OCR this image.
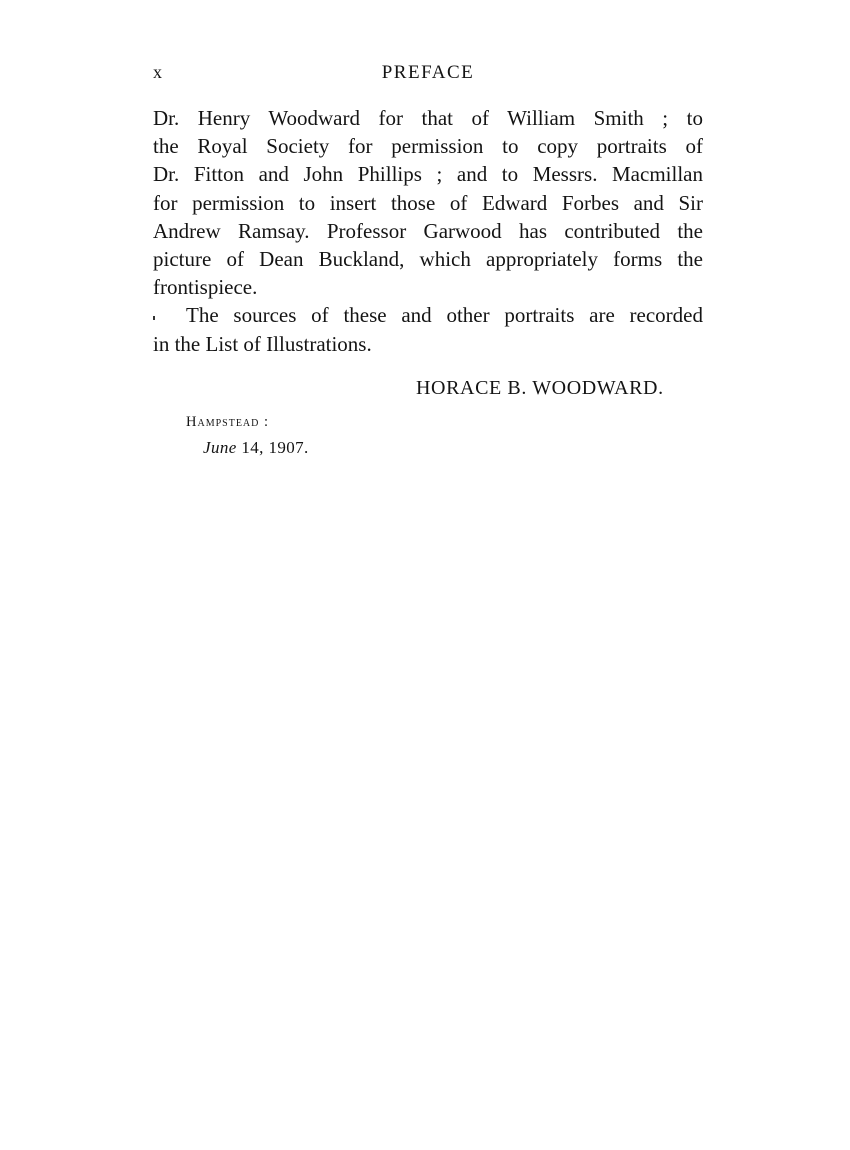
x	PREFACE
Dr. Henry Woodward for that of William Smith ; to
the Royal Society for permission to copy portraits of
Dr. Fitton and John Phillips ; and to Messrs. Macmillan
for permission to insert those of Edward Forbes and Sir
Andrew Ramsay. Professor Garwood has contributed the
picture of Dean Buckland, which appropriately forms the
frontispiece.
The sources of these and other portraits are recorded
in the List of Illustrations.
HORACE B. WOODWARD.
Hampstead :
June 14, 1907.
